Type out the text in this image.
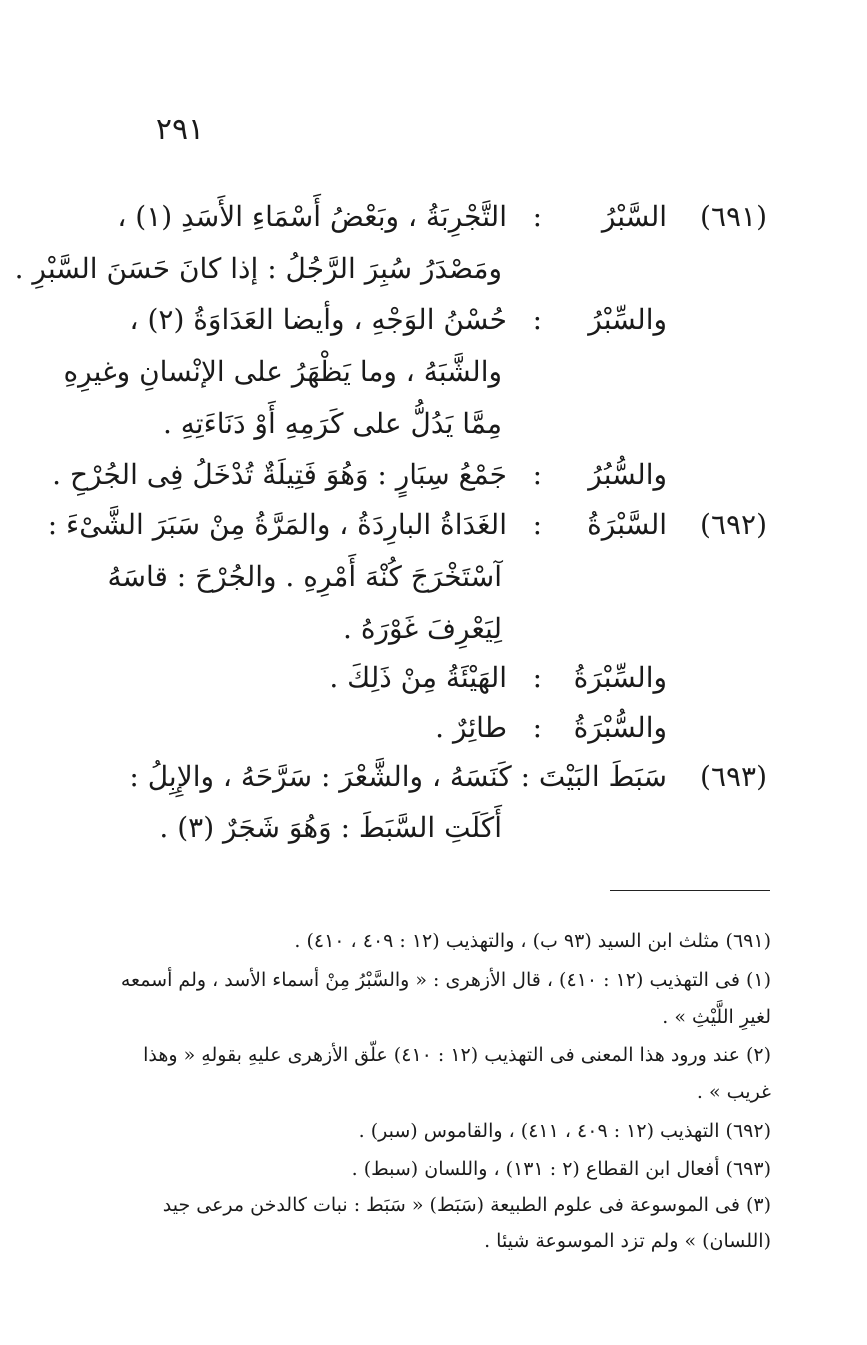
٢٩١
(٦٩١)
السَّبْرُ
:
التَّجْرِبَةُ ، وبَعْضُ أَسْمَاءِ الأَسَدِ (١) ،
ومَصْدَرُ سُبِرَ الرَّجُلُ : إذا كانَ حَسَنَ السَّبْرِ .
والسِّبْرُ
:
حُسْنُ الوَجْهِ ، وأيضا العَدَاوَةُ (٢) ،
والشَّبَهُ ، وما يَظْهَرُ على الإنْسانِ وغيرِهِ
مِمَّا يَدُلُّ على كَرَمِهِ أَوْ دَنَاءَتِهِ .
والسُّبُرُ
:
جَمْعُ سِبَارٍ : وَهُوَ فَتِيلَةٌ تُدْخَلُ فِى الجُرْحِ .
(٦٩٢)
السَّبْرَةُ
:
الغَدَاةُ البارِدَةُ ، والمَرَّةُ مِنْ سَبَرَ الشَّىْءَ :
آسْتَخْرَجَ كُنْهَ أَمْرِهِ . والجُرْحَ : قاسَهُ
لِيَعْرِفَ غَوْرَهُ .
والسِّبْرَةُ
:
الهَيْئَةُ مِنْ ذَلِكَ .
والسُّبْرَةُ
:
طائِرٌ .
(٦٩٣)
سَبَطَ البَيْتَ : كَنَسَهُ ، والشَّعْرَ : سَرَّحَهُ ، والإِبِلُ :
أَكَلَتِ السَّبَطَ : وَهُوَ شَجَرٌ (٣) .
(٦٩١) مثلث ابن السيد (٩٣ ب) ، والتهذيب (١٢ : ٤٠٩ ، ٤١٠) .
(١) فى التهذيب (١٢ : ٤١٠) ، قال الأزهرى : « والسَّبْرُ مِنْ أسماء الأسد ، ولم أسمعه
لغيرِ اللَّيْثِ » .
(٢) عند ورود هذا المعنى فى التهذيب (١٢ : ٤١٠) علّق الأزهرى عليهِ بقولهِ « وهذا
غريب » .
(٦٩٢) التهذيب (١٢ : ٤٠٩ ، ٤١١) ، والقاموس (سبر) .
(٦٩٣) أفعال ابن القطاع (٢ : ١٣١) ، واللسان (سبط) .
(٣) فى الموسوعة فى علوم الطبيعة (سَبَط) « سَبَط : نبات كالدخن مرعى جيد
(اللسان) » ولم تزد الموسوعة شيئا .
